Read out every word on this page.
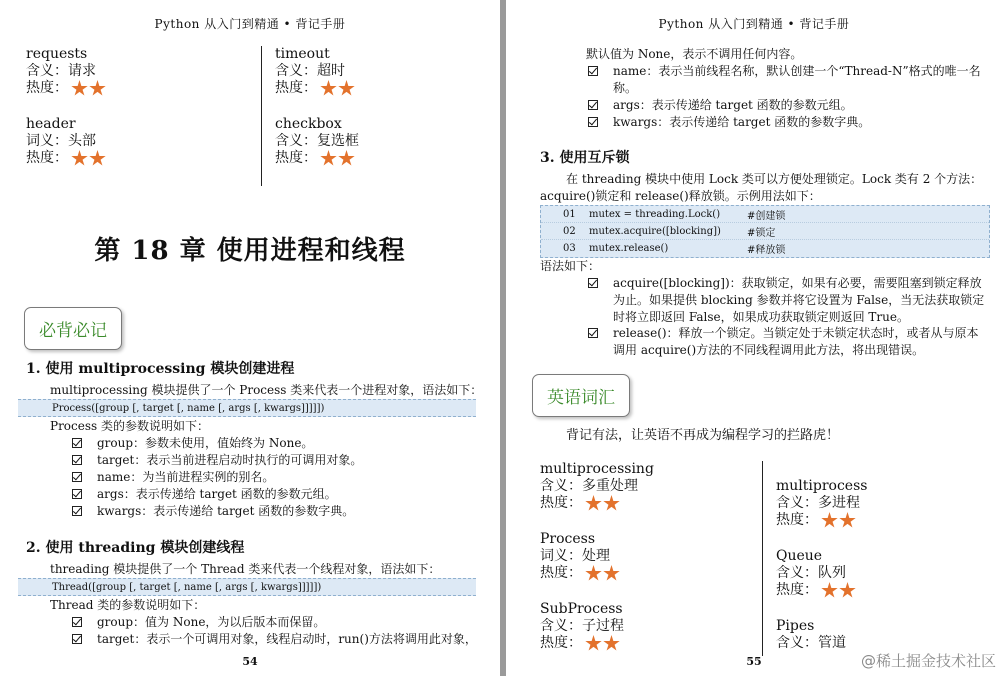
Python 从入门到精通 • 背记手册
requests
含义： 请求
热度：
header
词义： 头部
热度：
timeout
含义： 超时
热度：
checkbox
含义： 复选框
热度：
第 18 章 使用进程和线程
必背必记
1. 使用 multiprocessing 模块创建进程
multiprocessing 模块提供了一个 Process 类来代表一个进程对象，语法如下：
Process([group [, target [, name [, args [, kwargs]]]]])
Process 类的参数说明如下：
group：参数未使用，值始终为 None。
target：表示当前进程启动时执行的可调用对象。
name：为当前进程实例的别名。
args：表示传递给 target 函数的参数元组。
kwargs：表示传递给 target 函数的参数字典。
2. 使用 threading 模块创建线程
threading 模块提供了一个 Thread 类来代表一个线程对象，语法如下：
Thread([group [, target [, name [, args [, kwargs]]]]])
Thread 类的参数说明如下：
group：值为 None，为以后版本而保留。
target：表示一个可调用对象，线程启动时，run()方法将调用此对象，
54
Python 从入门到精通 • 背记手册
默认值为 None，表示不调用任何内容。
name：表示当前线程名称，默认创建一个“Thread-N”格式的唯一名称。
args：表示传递给 target 函数的参数元组。
kwargs：表示传递给 target 函数的参数字典。
3. 使用互斥锁
在 threading 模块中使用 Lock 类可以方便处理锁定。Lock 类有 2 个方法：acquire()锁定和 release()释放锁。示例用法如下：
01	mutex = threading.Lock()	#创建锁
02	mutex.acquire([blocking])	#锁定
03	mutex.release()	#释放锁
语法如下：
acquire([blocking])：获取锁定，如果有必要，需要阻塞到锁定释放为止。如果提供 blocking 参数并将它设置为 False，当无法获取锁定时将立即返回 False，如果成功获取锁定则返回 True。
release()：释放一个锁定。当锁定处于未锁定状态时，或者从与原本调用 acquire()方法的不同线程调用此方法，将出现错误。
英语词汇
背记有法，让英语不再成为编程学习的拦路虎！
multiprocessing
含义： 多重处理
热度：
Process
词义： 处理
热度：
SubProcess
含义： 子过程
热度：
multiprocess
含义： 多进程
热度：
Queue
含义： 队列
热度：
Pipes
含义： 管道
55	@稀土掘金技术社区
